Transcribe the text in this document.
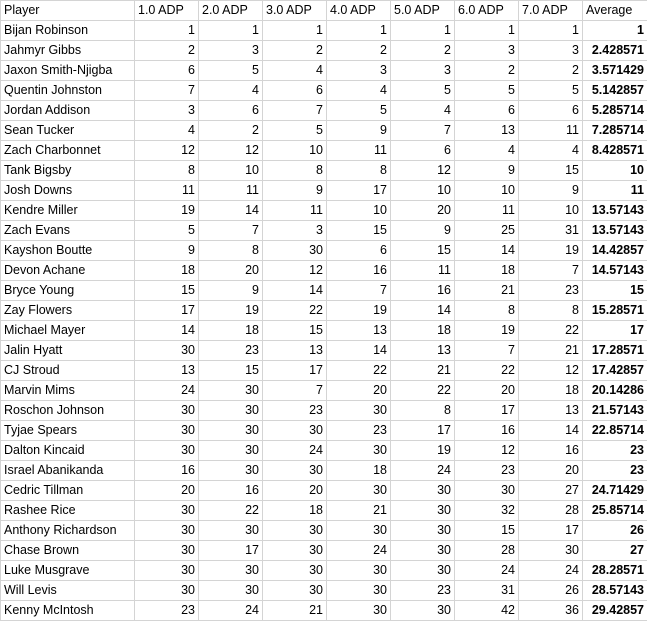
Player	1.0 ADP	2.0 ADP	3.0 ADP	4.0 ADP	5.0 ADP	6.0 ADP	7.0 ADP	Average
Bijan Robinson	1	1	1	1	1	1	1	1
Jahmyr Gibbs	2	3	2	2	2	3	3	2.428571
Jaxon Smith-Njigba	6	5	4	3	3	2	2	3.571429
Quentin Johnston	7	4	6	4	5	5	5	5.142857
Jordan Addison	3	6	7	5	4	6	6	5.285714
Sean Tucker	4	2	5	9	7	13	11	7.285714
Zach Charbonnet	12	12	10	11	6	4	4	8.428571
Tank Bigsby	8	10	8	8	12	9	15	10
Josh Downs	11	11	9	17	10	10	9	11
Kendre Miller	19	14	11	10	20	11	10	13.57143
Zach Evans	5	7	3	15	9	25	31	13.57143
Kayshon Boutte	9	8	30	6	15	14	19	14.42857
Devon Achane	18	20	12	16	11	18	7	14.57143
Bryce Young	15	9	14	7	16	21	23	15
Zay Flowers	17	19	22	19	14	8	8	15.28571
Michael Mayer	14	18	15	13	18	19	22	17
Jalin Hyatt	30	23	13	14	13	7	21	17.28571
CJ Stroud	13	15	17	22	21	22	12	17.42857
Marvin Mims	24	30	7	20	22	20	18	20.14286
Roschon Johnson	30	30	23	30	8	17	13	21.57143
Tyjae Spears	30	30	30	23	17	16	14	22.85714
Dalton Kincaid	30	30	24	30	19	12	16	23
Israel Abanikanda	16	30	30	18	24	23	20	23
Cedric Tillman	20	16	20	30	30	30	27	24.71429
Rashee Rice	30	22	18	21	30	32	28	25.85714
Anthony Richardson	30	30	30	30	30	15	17	26
Chase Brown	30	17	30	24	30	28	30	27
Luke Musgrave	30	30	30	30	30	24	24	28.28571
Will Levis	30	30	30	30	23	31	26	28.57143
Kenny McIntosh	23	24	21	30	30	42	36	29.42857
